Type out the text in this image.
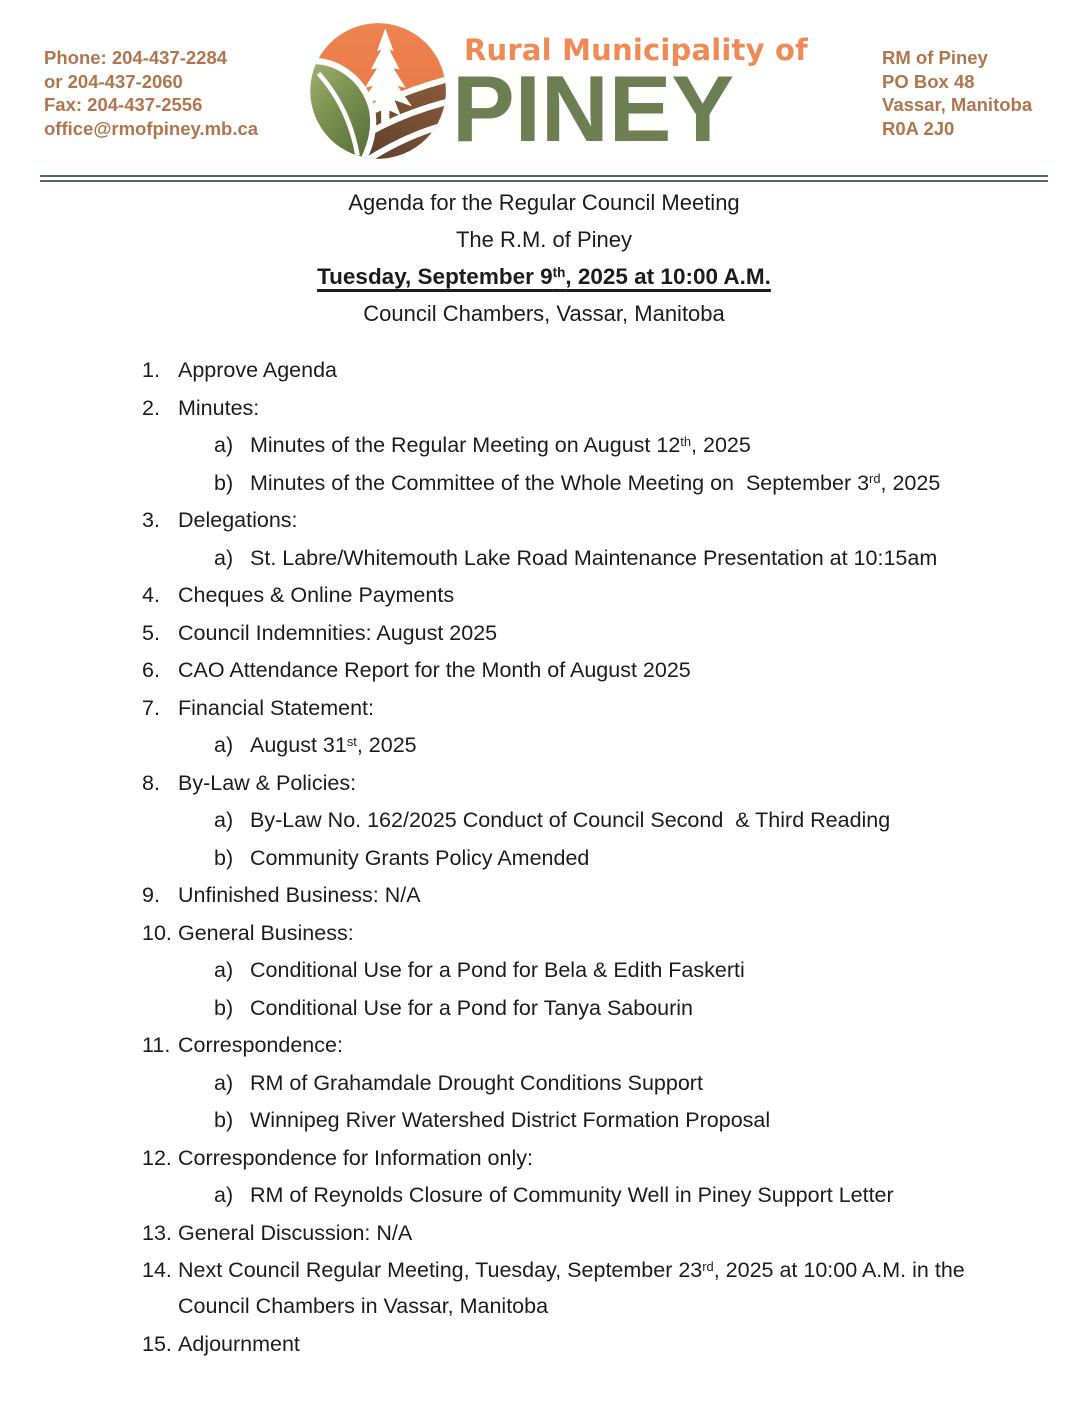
Phone: 204-437-2284
or 204-437-2060
Fax: 204-437-2556
office@rmofpiney.mb.ca
Rural Municipality of
PINEY	RM of Piney
PO Box 48
Vassar, Manitoba
R0A 2J0
Agenda for the Regular Council Meeting
The R.M. of Piney
Tuesday, September 9th, 2025 at 10:00 A.M.
Council Chambers, Vassar, Manitoba
1. Approve Agenda
2. Minutes:
a) Minutes of the Regular Meeting on August 12th, 2025
b) Minutes of the Committee of the Whole Meeting on  September 3rd, 2025
3. Delegations:
a) St. Labre/Whitemouth Lake Road Maintenance Presentation at 10:15am
4. Cheques & Online Payments
5. Council Indemnities: August 2025
6. CAO Attendance Report for the Month of August 2025
7. Financial Statement:
a) August 31st, 2025
8. By-Law & Policies:
a) By-Law No. 162/2025 Conduct of Council Second  & Third Reading
b) Community Grants Policy Amended
9. Unfinished Business: N/A
10. General Business:
a) Conditional Use for a Pond for Bela & Edith Faskerti
b) Conditional Use for a Pond for Tanya Sabourin
11. Correspondence:
a) RM of Grahamdale Drought Conditions Support
b) Winnipeg River Watershed District Formation Proposal
12. Correspondence for Information only:
a) RM of Reynolds Closure of Community Well in Piney Support Letter
13. General Discussion: N/A
14. Next Council Regular Meeting, Tuesday, September 23rd, 2025 at 10:00 A.M. in the Council Chambers in Vassar, Manitoba
15. Adjournment
